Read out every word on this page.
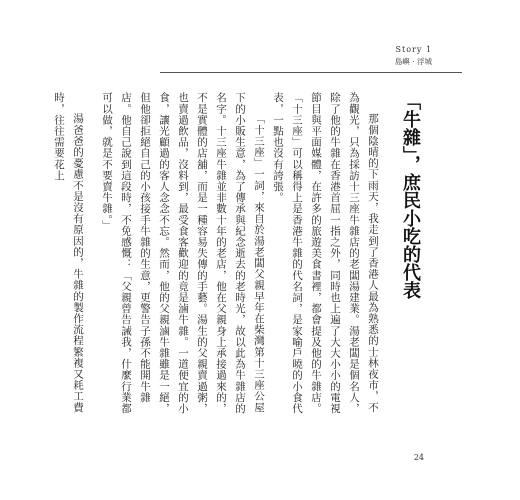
Story 1
島嶼 · 浮城

「牛雜」，庶民小吃的代表

那個陰晴的下雨天，我走到了香港人最為熟悉的士林夜市，不為觀光，只為採訪十三座牛雜店的老闆湯建業。湯老闆是個名人，除了他的牛雜在香港首屈一指之外，同時也上遍了大大小小的電視節目與平面媒體，在許多的旅遊美食書裡，都會提及他的牛雜店。「十三座」可以稱得上是香港牛雜的代名詞，是家喻戶曉的小食代表，一點也沒有誇張。

「十三座」一詞，來自於湯老闆父親早年在柴灣第十三座公屋下的小販生意，為了傳承與紀念逝去的老時光，故以此為牛雜店的名字。十三座牛雜並非數十年的老店，他在父親身上承接過來的，不是實體的店舖，而是一種容易失傳的手藝。湯生的父親賣過粥，也賣過飲品，沒料到，最受食客歡迎的竟是滷牛雜。一道便宜的小食，讓光顧過的客人念念不忘。然而，他的父親滷牛雜雖是一絕，但他卻拒絕自己的小孩接手牛雜的生意，更警告子孫不能開牛雜店。他自己說到這段時，不免感慨：「父親曾告誡我，什麼行業都可以做，就是不要賣牛雜。」

湯爸爸的憂慮不是沒有原因的，牛雜的製作流程繁複又耗工費時，往往需要花上

24
